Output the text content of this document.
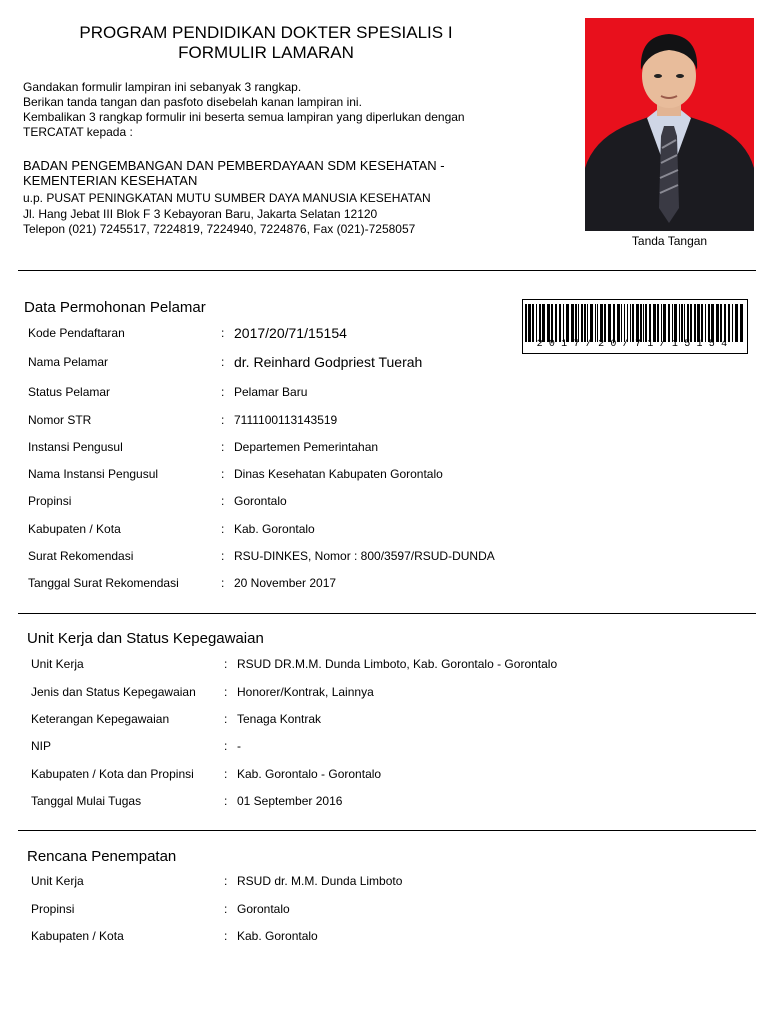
PROGRAM PENDIDIKAN DOKTER SPESIALIS I
FORMULIR LAMARAN
Gandakan formulir lampiran ini sebanyak 3 rangkap.
Berikan tanda tangan dan pasfoto disebelah kanan lampiran ini.
Kembalikan 3 rangkap formulir ini beserta semua lampiran yang diperlukan dengan
TERCATAT kepada :
BADAN PENGEMBANGAN DAN PEMBERDAYAAN SDM KESEHATAN -
KEMENTERIAN KESEHATAN
u.p. PUSAT PENINGKATAN MUTU SUMBER DAYA MANUSIA KESEHATAN
Jl. Hang Jebat III Blok F 3 Kebayoran Baru, Jakarta Selatan 12120
Telepon (021) 7245517, 7224819, 7224940, 7224876, Fax (021)-7258057
Tanda Tangan
2017/20/71/15154
Data Permohonan Pelamar
Unit Kerja dan Status Kepegawaian
Rencana Penempatan
Kode Pendaftaran	: 2017/20/71/15154
Nama Pelamar	: dr. Reinhard Godpriest Tuerah
Status Pelamar	: Pelamar Baru
Nomor STR	: 7111100113143519
Instansi Pengusul	: Departemen Pemerintahan
Nama Instansi Pengusul	: Dinas Kesehatan Kabupaten Gorontalo
Propinsi	: Gorontalo
Kabupaten / Kota	: Kab. Gorontalo
Surat Rekomendasi	: RSU-DINKES, Nomor : 800/3597/RSUD-DUNDA
Tanggal Surat Rekomendasi	: 20 November 2017
Unit Kerja	: RSUD DR.M.M. Dunda Limboto, Kab. Gorontalo - Gorontalo
Jenis dan Status Kepegawaian : Honorer/Kontrak, Lainnya
Keterangan Kepegawaian	: Tenaga Kontrak
NIP	: -
Kabupaten / Kota dan Propinsi	: Kab. Gorontalo - Gorontalo
Tanggal Mulai Tugas	: 01 September 2016
Unit Kerja	: RSUD dr. M.M. Dunda Limboto
Propinsi	: Gorontalo
Kabupaten / Kota	: Kab. Gorontalo
